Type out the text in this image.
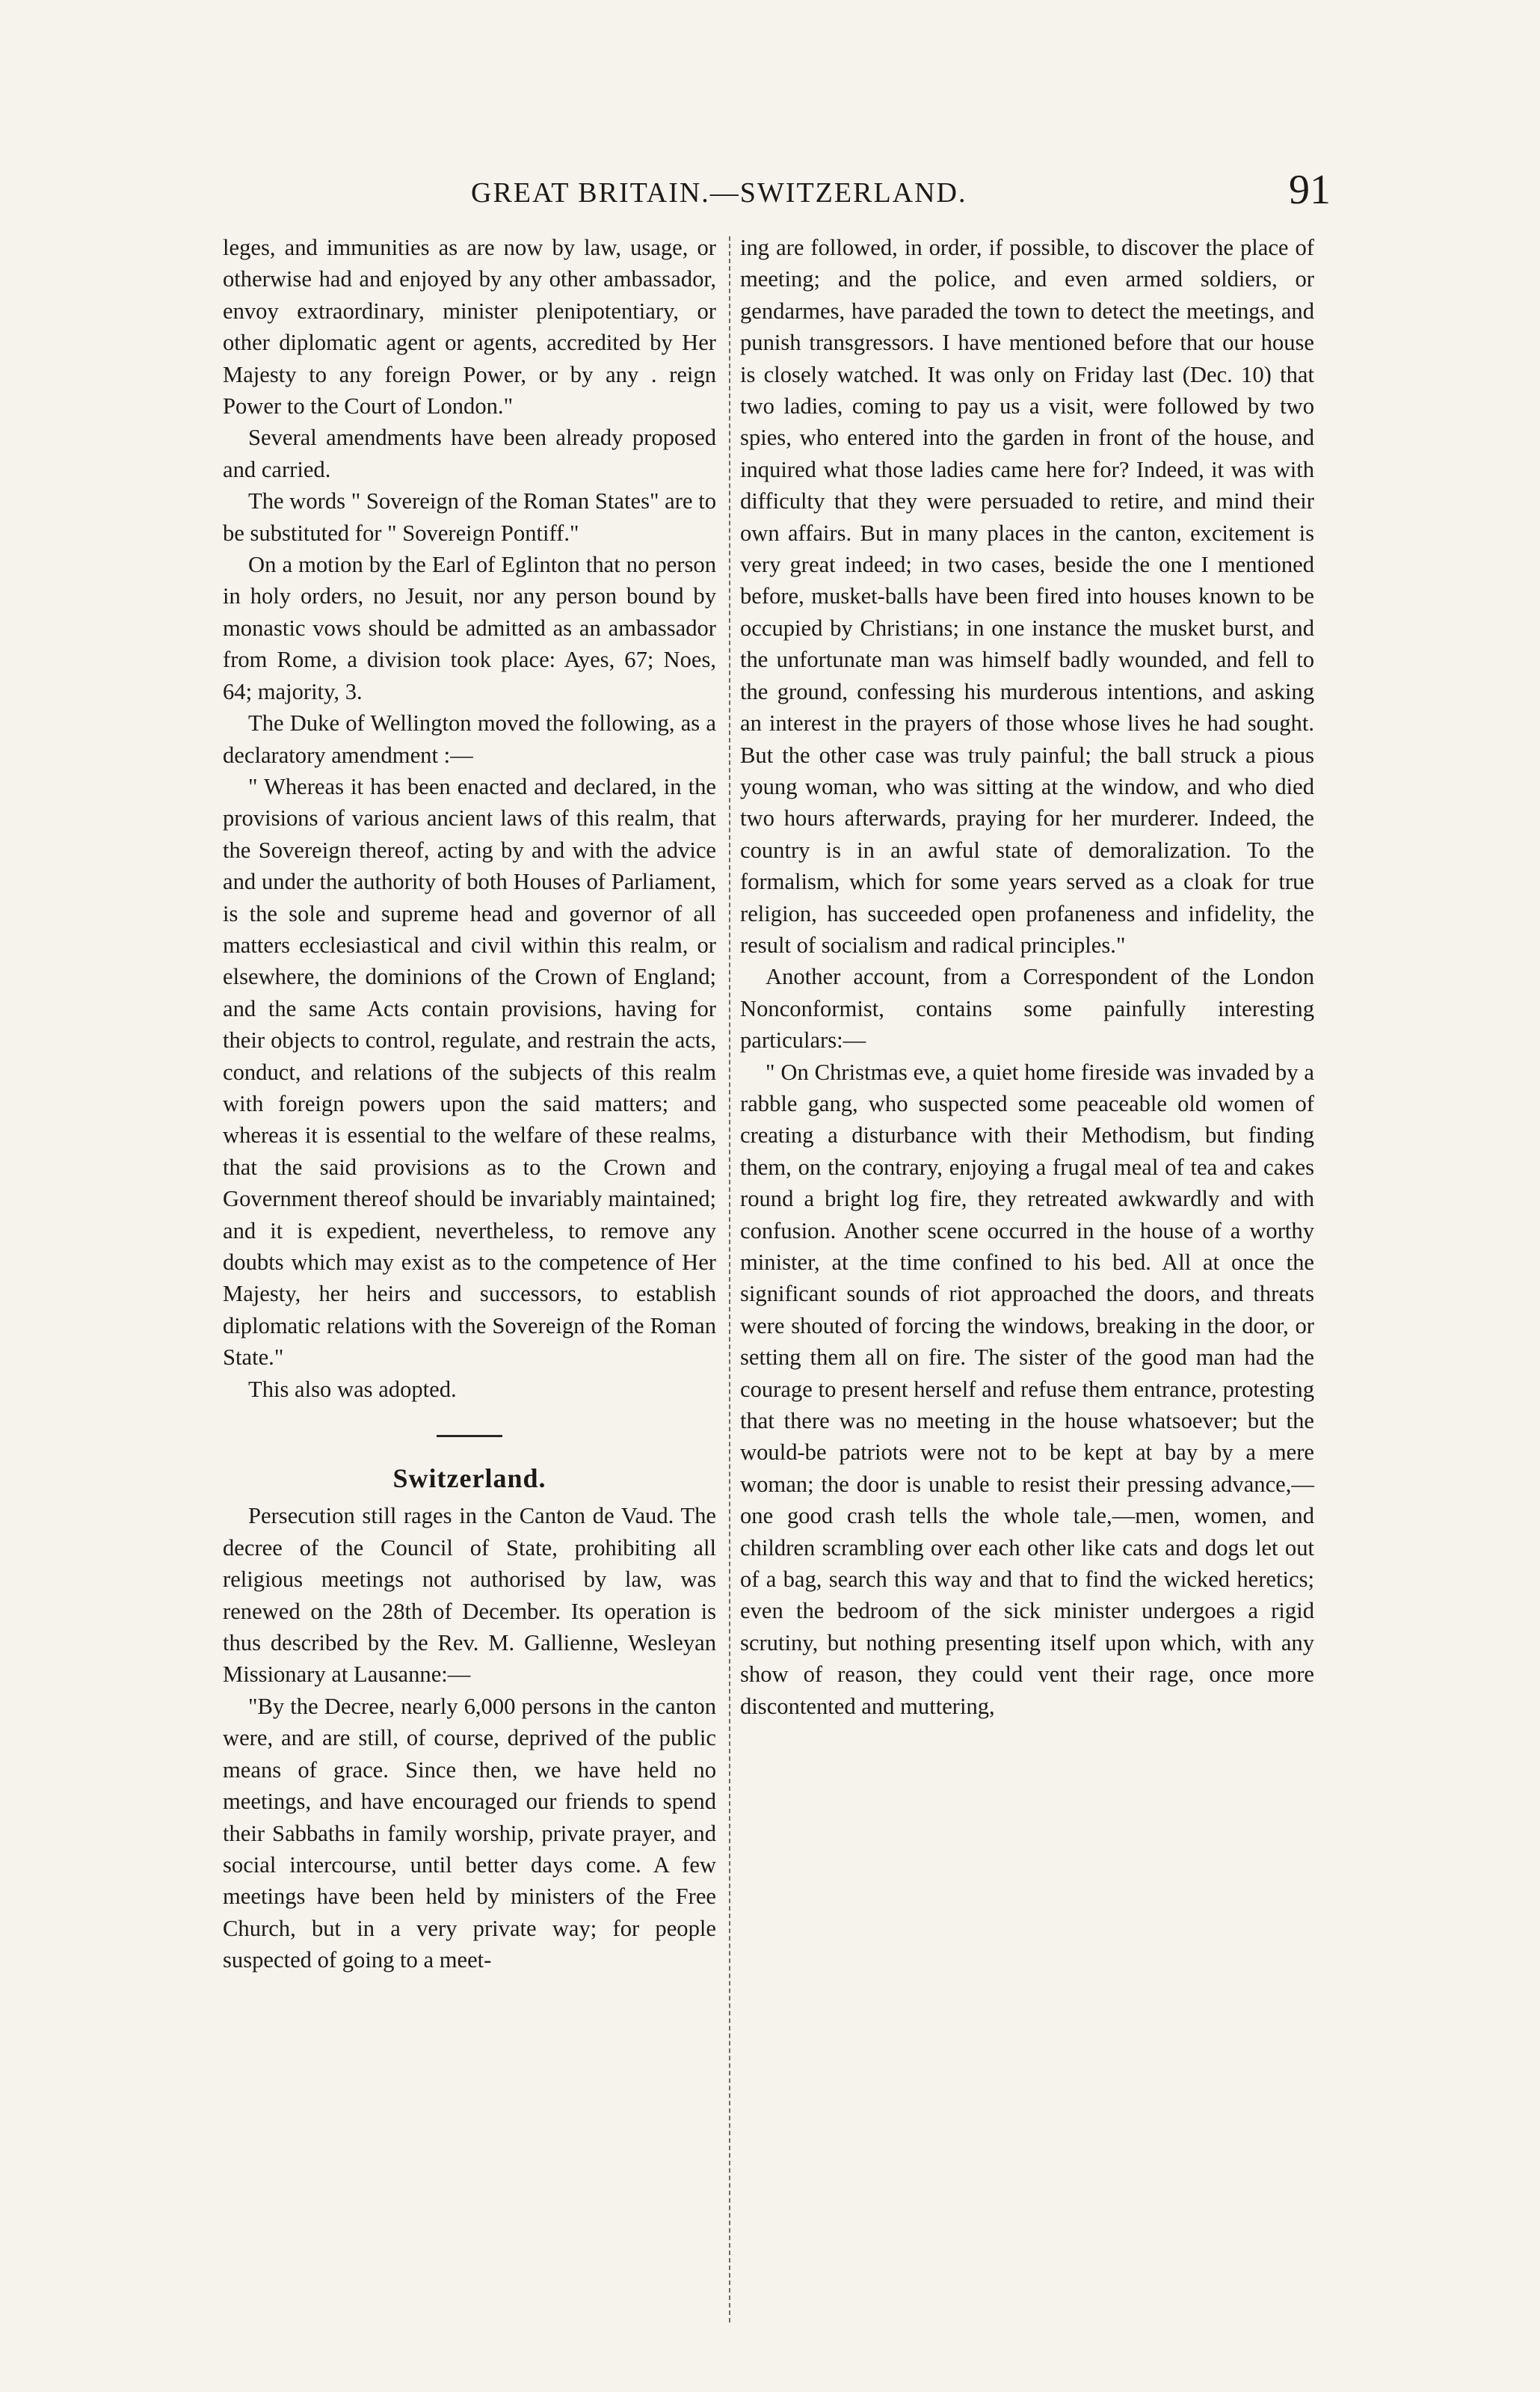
GREAT BRITAIN.—SWITZERLAND.	91

leges, and immunities as are now by law, usage, or otherwise had and enjoyed by any other ambassador, envoy extraordinary, minister plenipotentiary, or other diplomatic agent or agents, accredited by Her Majesty to any foreign Power, or by any . reign Power to the Court of London."

Several amendments have been already proposed and carried.

The words " Sovereign of the Roman States" are to be substituted for " Sovereign Pontiff."

On a motion by the Earl of Eglinton that no person in holy orders, no Jesuit, nor any person bound by monastic vows should be admitted as an ambassador from Rome, a division took place: Ayes, 67; Noes, 64; majority, 3.

The Duke of Wellington moved the following, as a declaratory amendment :—

" Whereas it has been enacted and declared, in the provisions of various ancient laws of this realm, that the Sovereign thereof, acting by and with the advice and under the authority of both Houses of Parliament, is the sole and supreme head and governor of all matters ecclesiastical and civil within this realm, or elsewhere, the dominions of the Crown of England; and the same Acts contain provisions, having for their objects to control, regulate, and restrain the acts, conduct, and relations of the subjects of this realm with foreign powers upon the said matters; and whereas it is essential to the welfare of these realms, that the said provisions as to the Crown and Government thereof should be invariably maintained; and it is expedient, nevertheless, to remove any doubts which may exist as to the competence of Her Majesty, her heirs and successors, to establish diplomatic relations with the Sovereign of the Roman State."

This also was adopted.

Switzerland.

Persecution still rages in the Canton de Vaud. The decree of the Council of State, prohibiting all religious meetings not authorised by law, was renewed on the 28th of December. Its operation is thus described by the Rev. M. Gallienne, Wesleyan Missionary at Lausanne:—

"By the Decree, nearly 6,000 persons in the canton were, and are still, of course, deprived of the public means of grace. Since then, we have held no meetings, and have encouraged our friends to spend their Sabbaths in family worship, private prayer, and social intercourse, until better days come. A few meetings have been held by ministers of the Free Church, but in a very private way; for people suspected of going to a meet-

ing are followed, in order, if possible, to discover the place of meeting; and the police, and even armed soldiers, or gendarmes, have paraded the town to detect the meetings, and punish transgressors. I have mentioned before that our house is closely watched. It was only on Friday last (Dec. 10) that two ladies, coming to pay us a visit, were followed by two spies, who entered into the garden in front of the house, and inquired what those ladies came here for? Indeed, it was with difficulty that they were persuaded to retire, and mind their own affairs. But in many places in the canton, excitement is very great indeed; in two cases, beside the one I mentioned before, musket-balls have been fired into houses known to be occupied by Christians; in one instance the musket burst, and the unfortunate man was himself badly wounded, and fell to the ground, confessing his murderous intentions, and asking an interest in the prayers of those whose lives he had sought. But the other case was truly painful; the ball struck a pious young woman, who was sitting at the window, and who died two hours afterwards, praying for her murderer. Indeed, the country is in an awful state of demoralization. To the formalism, which for some years served as a cloak for true religion, has succeeded open profaneness and infidelity, the result of socialism and radical principles."

Another account, from a Correspondent of the London Nonconformist, contains some painfully interesting particulars:—

" On Christmas eve, a quiet home fireside was invaded by a rabble gang, who suspected some peaceable old women of creating a disturbance with their Methodism, but finding them, on the contrary, enjoying a frugal meal of tea and cakes round a bright log fire, they retreated awkwardly and with confusion. Another scene occurred in the house of a worthy minister, at the time confined to his bed. All at once the significant sounds of riot approached the doors, and threats were shouted of forcing the windows, breaking in the door, or setting them all on fire. The sister of the good man had the courage to present herself and refuse them entrance, protesting that there was no meeting in the house whatsoever; but the would-be patriots were not to be kept at bay by a mere woman; the door is unable to resist their pressing advance,—one good crash tells the whole tale,—men, women, and children scrambling over each other like cats and dogs let out of a bag, search this way and that to find the wicked heretics; even the bedroom of the sick minister undergoes a rigid scrutiny, but nothing presenting itself upon which, with any show of reason, they could vent their rage, once more discontented and muttering,
